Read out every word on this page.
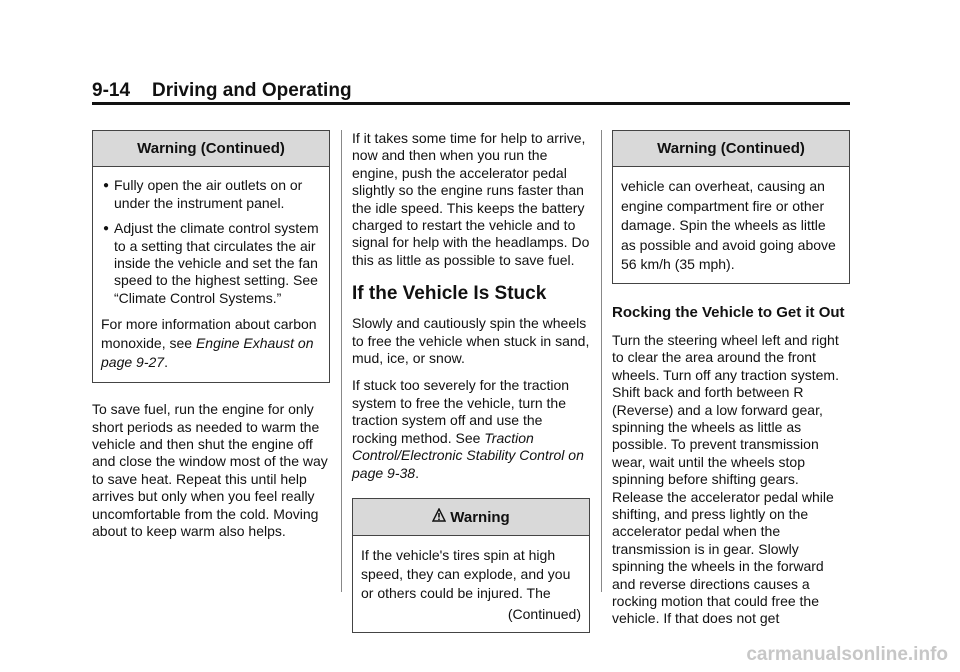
9-14 Driving and Operating
Warning (Continued)
● Fully open the air outlets on or under the instrument panel.
● Adjust the climate control system to a setting that circulates the air inside the vehicle and set the fan speed to the highest setting. See “Climate Control Systems.”

For more information about carbon monoxide, see Engine Exhaust on page 9-27.

To save fuel, run the engine for only short periods as needed to warm the vehicle and then shut the engine off and close the window most of the way to save heat. Repeat this until help arrives but only when you feel really uncomfortable from the cold. Moving about to keep warm also helps.

If it takes some time for help to arrive, now and then when you run the engine, push the accelerator pedal slightly so the engine runs faster than the idle speed. This keeps the battery charged to restart the vehicle and to signal for help with the headlamps. Do this as little as possible to save fuel.

If the Vehicle Is Stuck

Slowly and cautiously spin the wheels to free the vehicle when stuck in sand, mud, ice, or snow.

If stuck too severely for the traction system to free the vehicle, turn the traction system off and use the rocking method. See Traction Control/Electronic Stability Control on page 9-38.

Warning
If the vehicle's tires spin at high speed, they can explode, and you or others could be injured. The
(Continued)
Warning (Continued)
vehicle can overheat, causing an engine compartment fire or other damage. Spin the wheels as little as possible and avoid going above 56 km/h (35 mph).
Rocking the Vehicle to Get it Out

Turn the steering wheel left and right to clear the area around the front wheels. Turn off any traction system. Shift back and forth between R (Reverse) and a low forward gear, spinning the wheels as little as possible. To prevent transmission wear, wait until the wheels stop spinning before shifting gears. Release the accelerator pedal while shifting, and press lightly on the accelerator pedal when the transmission is in gear. Slowly spinning the wheels in the forward and reverse directions causes a rocking motion that could free the vehicle. If that does not get

carmanualsonline.info
